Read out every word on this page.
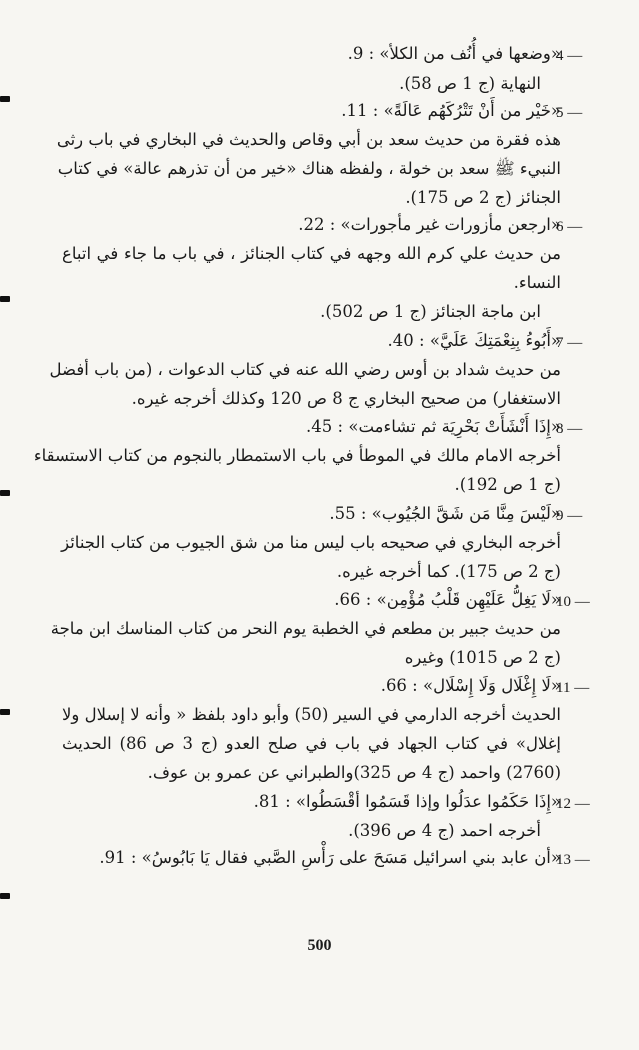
4 —
«وضعها في أُنُف من الكلأ» : 9.
النهاية (ج 1 ص 58).
5 —
«خَيْر من أَنْ تَتْرُكَهُم عَالَةً» : 11.
هذه فقرة من حديث سعد بن أبي وقاص والحديث في البخاري في باب رثى
النبيء ﷺ سعد بن خولة ، ولفظه هناك «خير من أن تذرهم عالة» في كتاب
الجنائز (ج 2 ص 175).
6 —
«ارجعن مأزورات غير مأجورات» : 22.
من حديث علي كرم الله وجهه في كتاب الجنائز ، في باب ما جاء في اتباع
النساء.
ابن ماجة الجنائز (ج 1 ص 502).
7 —
«أَبُوءُ بِنِعْمَتِكَ عَلَيَّ» : 40.
من حديث شداد بن أوس رضي الله عنه في كتاب الدعوات ، (من باب أفضل
الاستغفار) من صحيح البخاري ج 8 ص 120 وكذلك أخرجه غيره.
8 —
«إِذَا أَنْشَأَتْ بَحْرِيَة ثم تشاءمت» : 45.
أخرجه الامام مالك في الموطأ في باب الاستمطار بالنجوم من كتاب الاستسقاء
(ج 1 ص 192).
9 —
«لَيْسَ مِنَّا مَن شَقَّ الجُيُوب» : 55.
أخرجه البخاري في صحيحه باب ليس منا من شق الجيوب من كتاب الجنائز
(ج 2 ص 175). كما أخرجه غيره.
10 —
«لَا يَغِلُّ عَلَيْهِن قَلْبُ مُؤْمِن» : 66.
من حديث جبير بن مطعم في الخطبة يوم النحر من كتاب المناسك ابن ماجة
(ج 2 ص 1015) وغيره
11 —
«لَا إِغْلَال وَلَا إِسْلَال» : 66.
الحديث أخرجه الدارمي في السير (50) وأبو داود بلفظ « وأنه لا إسلال ولا
إغلال» في كتاب الجهاد في باب في صلح العدو (ج 3 ص 86) الحديث
(2760) واحمد (ج 4 ص 325)والطبراني عن عمرو بن عوف.
12 —
«إِذَا حَكَمُوا عدَلُوا وإذا قَسَمُوا أقْسَطُوا» : 81.
أخرجه احمد (ج 4 ص 396).
13 —
«أن عابد بني اسرائيل مَسَحَ على رَأْسِ الصَّبي فقال يَا بَابُوسُ» : 91.
500
